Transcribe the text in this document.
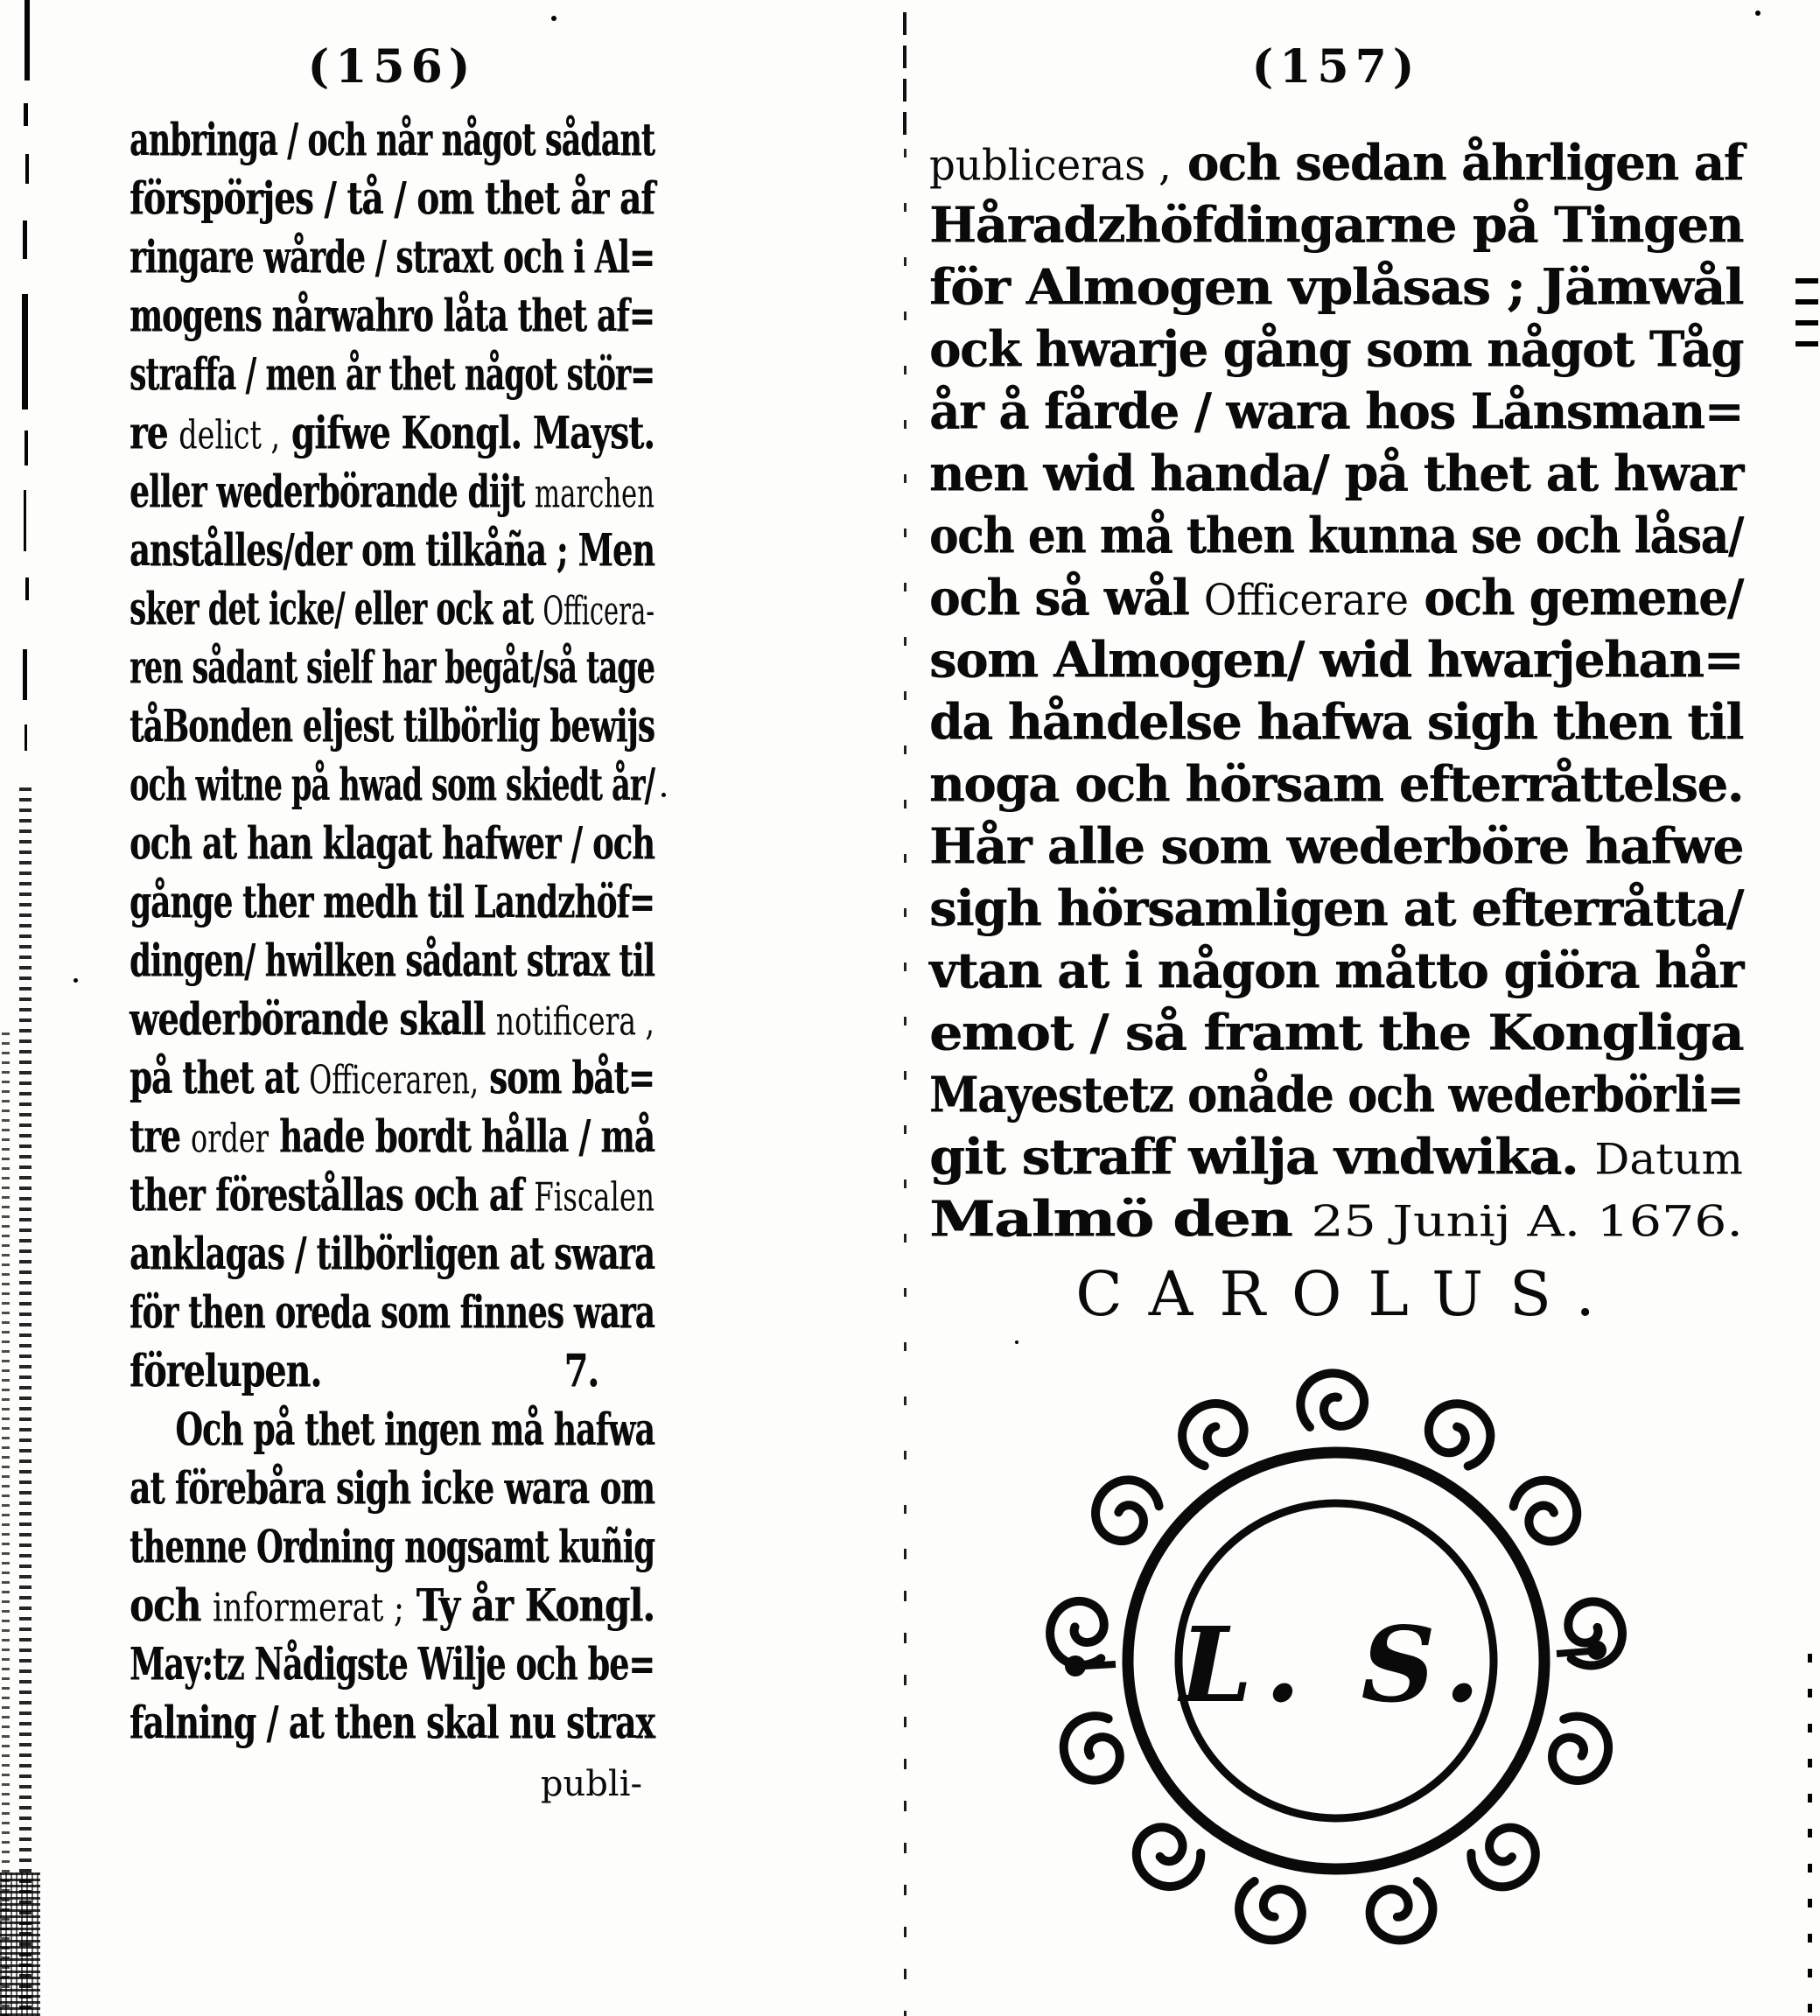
(156)
anbringa / och når något sådant
förspörjes / tå / om thet år af
ringare wårde / straxt och i Al=
mogens nårwahro låta thet af=
straffa / men år thet något stör=
re delict , gifwe Kongl. Mayst.
eller wederbörande dijt marchen
anstålles/der om tilkåña ; Men
sker det icke/ eller ock at Officera-
ren sådant sielf har begåt/så tage
tåBonden eljest tilbörlig bewijs
och witne på hwad som skiedt år/
och at han klagat hafwer / och
gånge ther medh til Landzhöf=
dingen/ hwilken sådant strax til
wederbörande skall notificera ,
på thet at Officeraren, som båt=
tre order hade bordt hålla / må
ther förestållas och af Fiscalen
anklagas / tilbörligen at swara
för then oreda som finnes wara
förelupen.	7.
Och på thet ingen må hafwa
at förebåra sigh icke wara om
thenne Ordning nogsamt kuñig
och informerat ; Ty år Kongl.
May:tz Nådigste Wilje och be=
falning / at then skal nu strax
publi-
(157)
publiceras , och sedan åhrligen af
Håradzhöfdingarne på Tingen
för Almogen vplåsas ; Jämwål
ock hwarje gång som något Tåg
år å fårde / wara hos Lånsman=
nen wid handa/ på thet at hwar
och en må then kunna se och låsa/
och så wål Officerare och gemene/
som Almogen/ wid hwarjehan=
da håndelse hafwa sigh then til
noga och hörsam efterråttelse.
Hår alle som wederböre hafwe
sigh hörsamligen at efterråtta/
vtan at i någon måtto giöra hår
emot / så framt the Kongliga
Mayestetz onåde och wederbörli=
git straff wilja vndwika. Datum
Malmö den 25 Junij A. 1676.
CAROLUS.
L. S.
